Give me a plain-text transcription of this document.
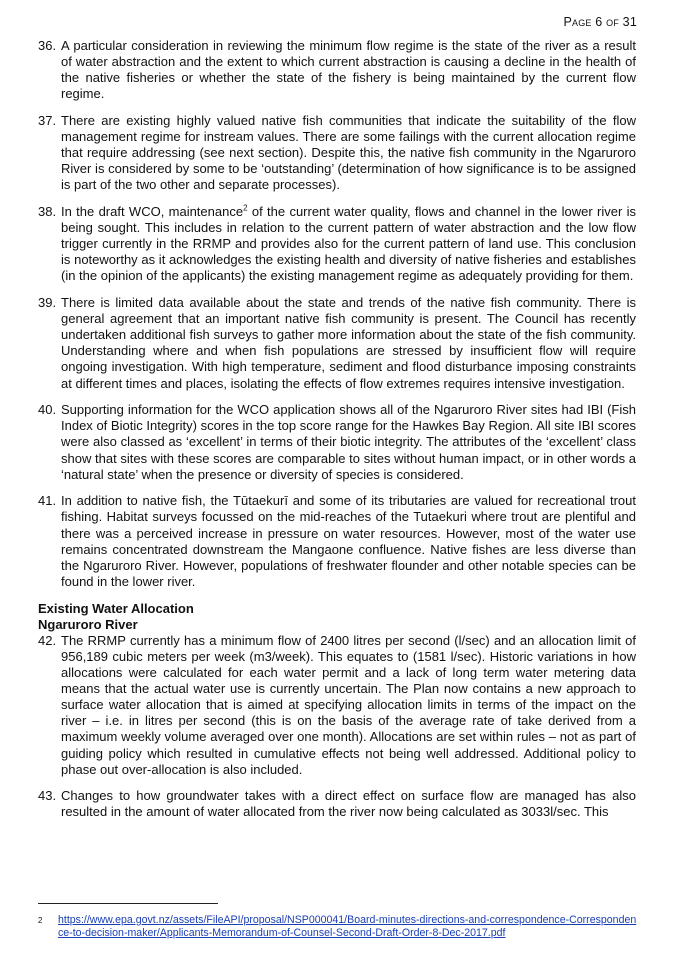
Page 6 of 31
36. A particular consideration in reviewing the minimum flow regime is the state of the river as a result of water abstraction and the extent to which current abstraction is causing a decline in the health of the native fisheries or whether the state of the fishery is being maintained by the current flow regime.
37. There are existing highly valued native fish communities that indicate the suitability of the flow management regime for instream values. There are some failings with the current allocation regime that require addressing (see next section). Despite this, the native fish community in the Ngaruroro River is considered by some to be ‘outstanding’ (determination of how significance is to be assigned is part of the two other and separate processes).
38. In the draft WCO, maintenance$^2$ of the current water quality, flows and channel in the lower river is being sought. This includes in relation to the current pattern of water abstraction and the low flow trigger currently in the RRMP and provides also for the current pattern of land use. This conclusion is noteworthy as it acknowledges the existing health and diversity of native fisheries and establishes (in the opinion of the applicants) the existing management regime as adequately providing for them.
39. There is limited data available about the state and trends of the native fish community. There is general agreement that an important native fish community is present. The Council has recently undertaken additional fish surveys to gather more information about the state of the fish community. Understanding where and when fish populations are stressed by insufficient flow will require ongoing investigation. With high temperature, sediment and flood disturbance imposing constraints at different times and places, isolating the effects of flow extremes requires intensive investigation.
40. Supporting information for the WCO application shows all of the Ngaruroro River sites had IBI (Fish Index of Biotic Integrity) scores in the top score range for the Hawkes Bay Region. All site IBI scores were also classed as ‘excellent’ in terms of their biotic integrity. The attributes of the ‘excellent’ class show that sites with these scores are comparable to sites without human impact, or in other words a ‘natural state’ when the presence or diversity of species is considered.
41. In addition to native fish, the Tūtaekurī and some of its tributaries are valued for recreational trout fishing. Habitat surveys focussed on the mid-reaches of the Tutaekuri where trout are plentiful and there was a perceived increase in pressure on water resources. However, most of the water use remains concentrated downstream the Mangaone confluence. Native fishes are less diverse than the Ngaruroro River. However, populations of freshwater flounder and other notable species can be found in the lower river.
Existing Water Allocation
Ngaruroro River
42. The RRMP currently has a minimum flow of 2400 litres per second (l/sec) and an allocation limit of 956,189 cubic meters per week (m3/week). This equates to (1581 l/sec). Historic variations in how allocations were calculated for each water permit and a lack of long term water metering data means that the actual water use is currently uncertain. The Plan now contains a new approach to surface water allocation that is aimed at specifying allocation limits in terms of the impact on the river – i.e. in litres per second (this is on the basis of the average rate of take derived from a maximum weekly volume averaged over one month). Allocations are set within rules – not as part of guiding policy which resulted in cumulative effects not being well addressed. Additional policy to phase out over-allocation is also included.
43. Changes to how groundwater takes with a direct effect on surface flow are managed has also resulted in the amount of water allocated from the river now being calculated as 3033l/sec. This
2	https://www.epa.govt.nz/assets/FileAPI/proposal/NSP000041/Board-minutes-directions-and-correspondence-Correspondence-to-decision-maker/Applicants-Memorandum-of-Counsel-Second-Draft-Order-8-Dec-2017.pdf
